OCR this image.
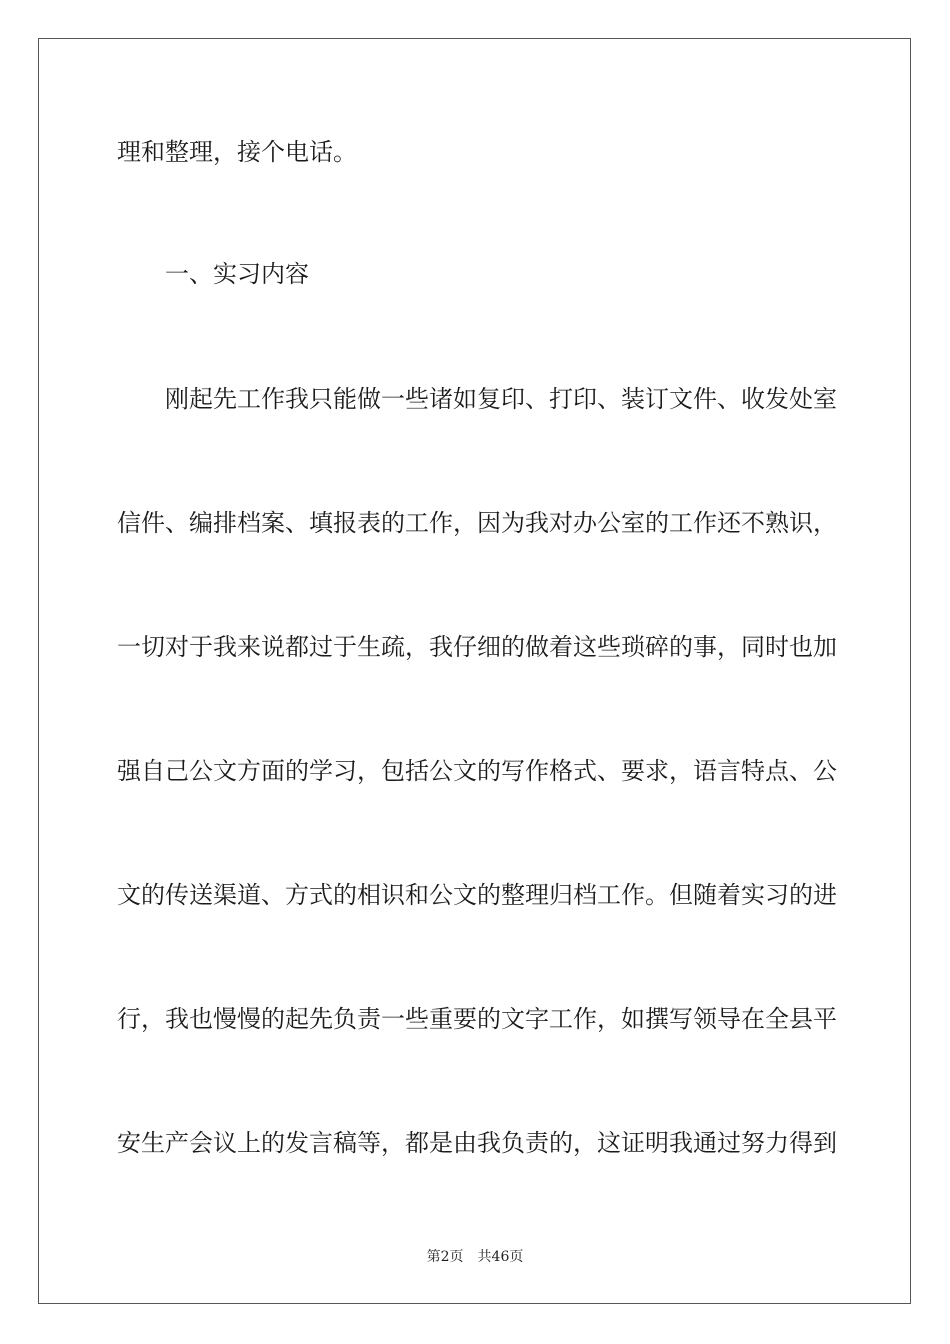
理和整理，接个电话。
一、实习内容
刚起先工作我只能做一些诸如复印、打印、装订文件、收发处室
信件、编排档案、填报表的工作，因为我对办公室的工作还不熟识，
一切对于我来说都过于生疏，我仔细的做着这些琐碎的事，同时也加
强自己公文方面的学习，包括公文的写作格式、要求，语言特点、公
文的传送渠道、方式的相识和公文的整理归档工作。但随着实习的进
行，我也慢慢的起先负责一些重要的文字工作，如撰写领导在全县平
安生产会议上的发言稿等，都是由我负责的，这证明我通过努力得到
第2页 共46页
